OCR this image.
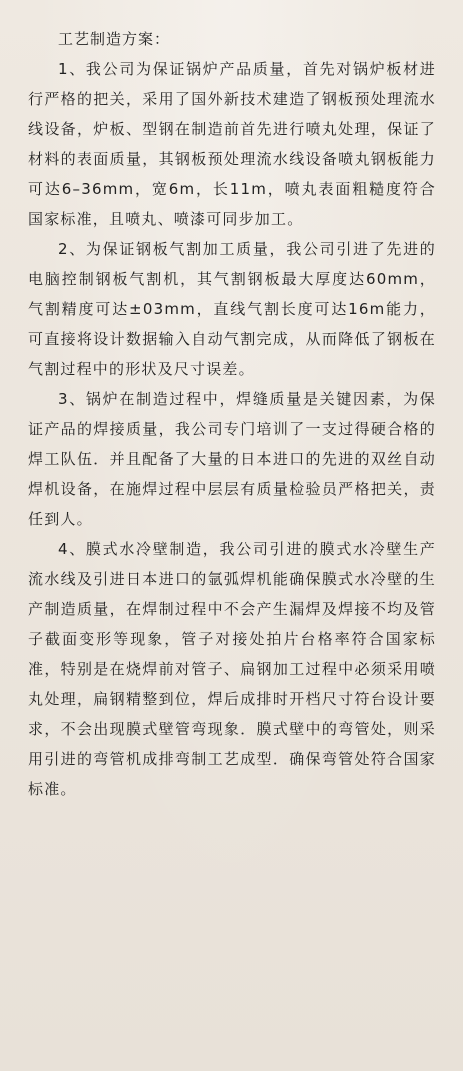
工艺制造方案：

1、我公司为保证锅炉产品质量，首先对锅炉板材进行严格的把关，采用了国外新技术建造了钢板预处理流水线设备，炉板、型钢在制造前首先进行喷丸处理，保证了材料的表面质量，其钢板预处理流水线设备喷丸钢板能力可达6–36mm，宽6m，长11m，喷丸表面粗糙度符合国家标准，且喷丸、喷漆可同步加工。

2、为保证钢板气割加工质量，我公司引进了先进的电脑控制钢板气割机，其气割钢板最大厚度达60mm，气割精度可达±03mm，直线气割长度可达16m能力，可直接将设计数据输入自动气割完成，从而降低了钢板在气割过程中的形状及尺寸误差。

3、锅炉在制造过程中，焊缝质量是关键因素，为保证产品的焊接质量，我公司专门培训了一支过得硬合格的焊工队伍．并且配备了大量的日本进口的先进的双丝自动焊机设备，在施焊过程中层层有质量检验员严格把关，责任到人。

4、膜式水冷壁制造，我公司引进的膜式水冷壁生产流水线及引进日本进口的氩弧焊机能确保膜式水冷壁的生产制造质量，在焊制过程中不会产生漏焊及焊接不均及管子截面变形等现象，管子对接处拍片台格率符合国家标准，特别是在烧焊前对管子、扁钢加工过程中必须采用喷丸处理，扁钢精整到位，焊后成排时开档尺寸符台设计要求，不会出现膜式壁管弯现象．膜式壁中的弯管处，则采用引进的弯管机成排弯制工艺成型．确保弯管处符合国家标准。
